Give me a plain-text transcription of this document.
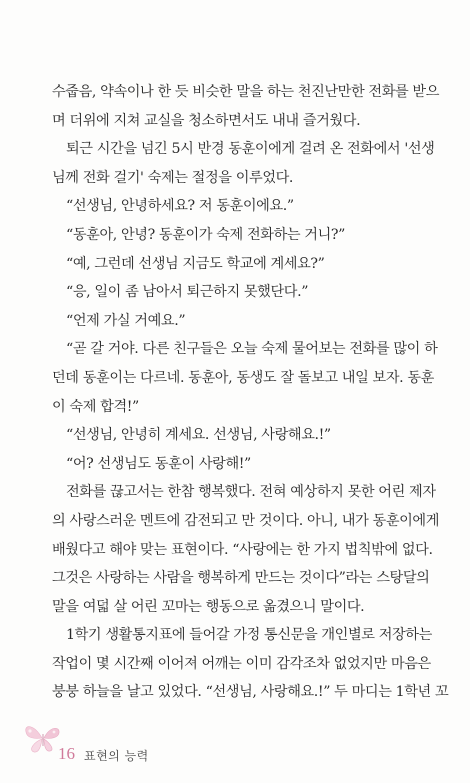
수줍음, 약속이나 한 듯 비슷한 말을 하는 천진난만한 전화를 받으
며 더위에 지쳐 교실을 청소하면서도 내내 즐거웠다.
퇴근 시간을 넘긴 5시 반경 동훈이에게 걸려 온 전화에서 '선생
님께 전화 걸기' 숙제는 절정을 이루었다.
“선생님, 안녕하세요? 저 동훈이에요.”
“동훈아, 안녕? 동훈이가 숙제 전화하는 거니?”
“예, 그런데 선생님 지금도 학교에 계세요?”
“응, 일이 좀 남아서 퇴근하지 못했단다.”
“언제 가실 거예요.”
“곧 갈 거야. 다른 친구들은 오늘 숙제 물어보는 전화를 많이 하
던데 동훈이는 다르네. 동훈아, 동생도 잘 돌보고 내일 보자. 동훈
이 숙제 합격!”
“선생님, 안녕히 계세요. 선생님, 사랑해요.!”
“어? 선생님도 동훈이 사랑해!”
전화를 끊고서는 한참 행복했다. 전혀 예상하지 못한 어린 제자
의 사랑스러운 멘트에 감전되고 만 것이다. 아니, 내가 동훈이에게
배웠다고 해야 맞는 표현이다. “사랑에는 한 가지 법칙밖에 없다.
그것은 사랑하는 사람을 행복하게 만드는 것이다”라는 스탕달의
말을 여덟 살 어린 꼬마는 행동으로 옮겼으니 말이다.
1학기 생활통지표에 들어갈 가정 통신문을 개인별로 저장하는
작업이 몇 시간째 이어져 어깨는 이미 감각조차 없었지만 마음은
붕붕 하늘을 날고 있었다. “선생님, 사랑해요.!” 두 마디는 1학년 꼬
16 표현의 능력
